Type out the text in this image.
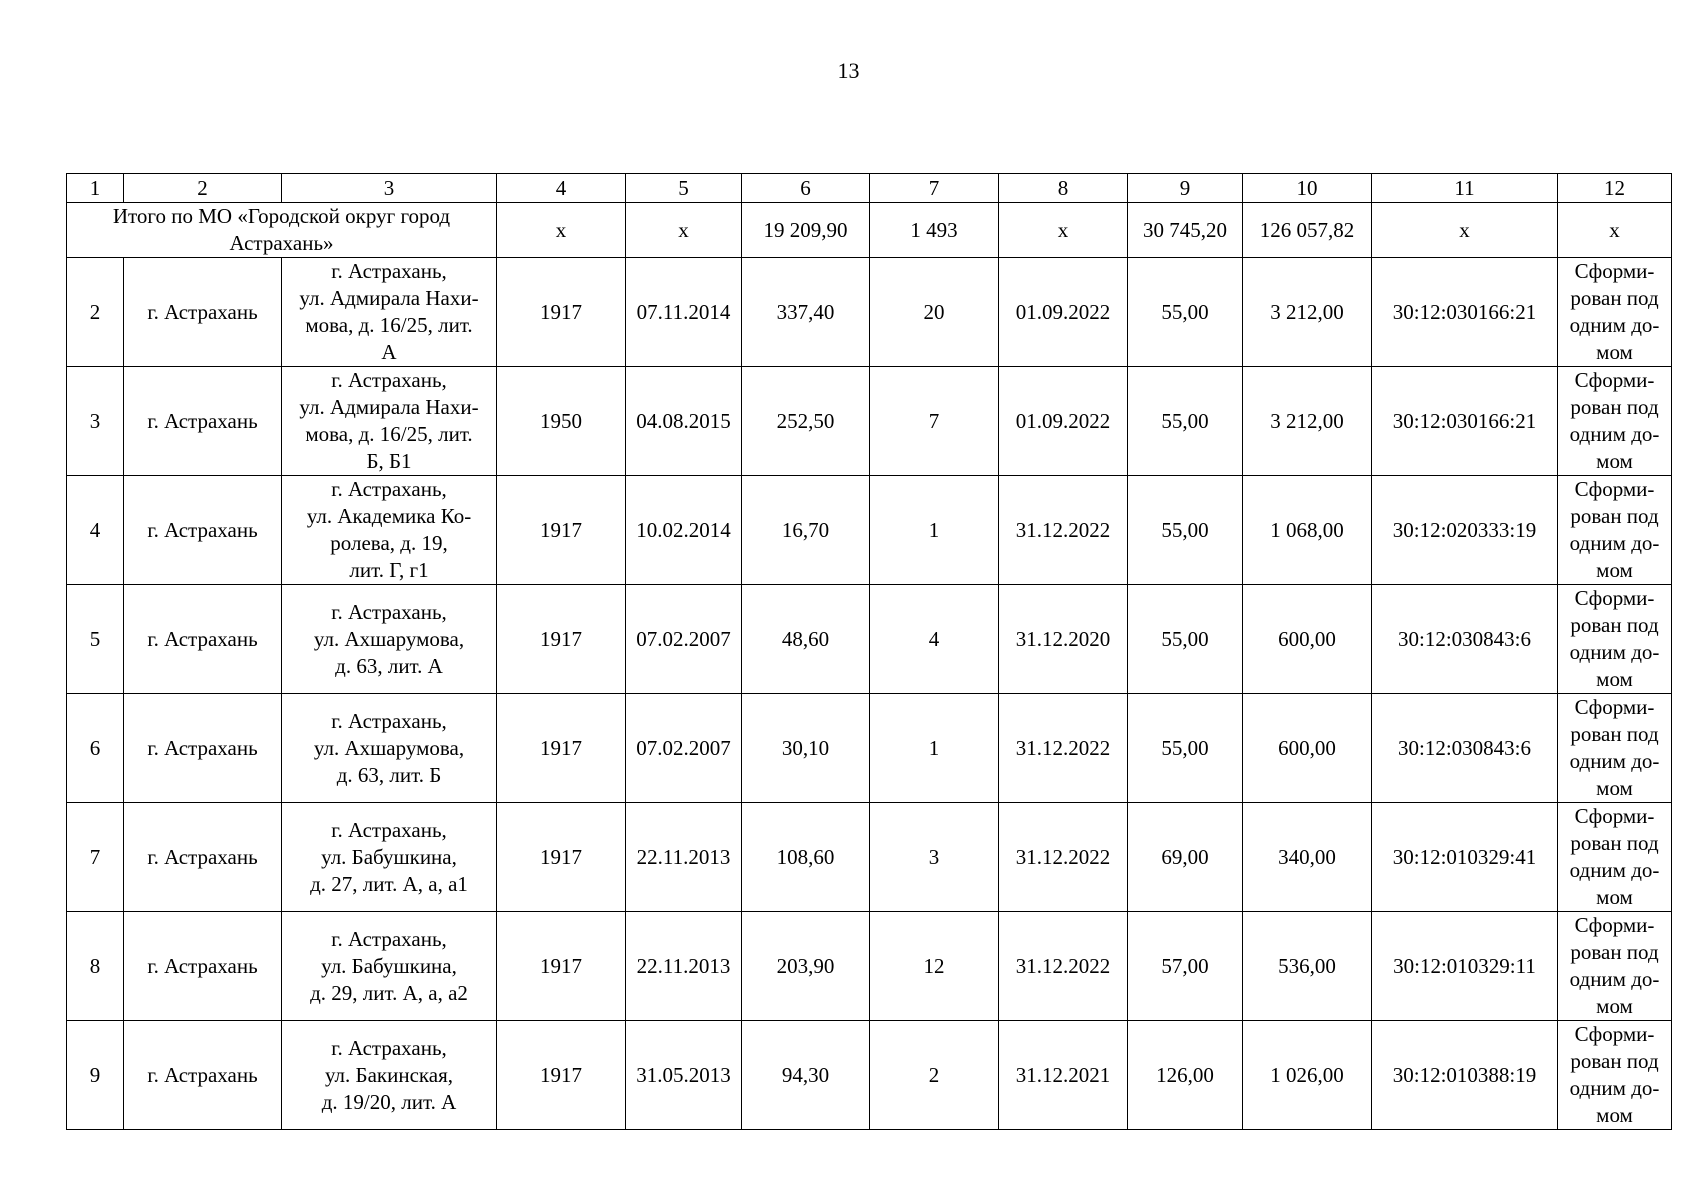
13
1	2	3	4	5	6	7	8	9	10	11	12
Итого по МО «Городской округ город Астрахань»			х	х	19 209,90	1 493	х	30 745,20	126 057,82	х	х
2	г. Астрахань	г. Астрахань,
ул. Адмирала Нахи-
мова, д. 16/25, лит.
А	1917	07.11.2014	337,40	20	01.09.2022	55,00	3 212,00	30:12:030166:21	Сформи-
рован под
одним до-
мом

3	г. Астрахань	г. Астрахань,
ул. Адмирала Нахи-
мова, д. 16/25, лит.
Б, Б1	1950	04.08.2015	252,50	7	01.09.2022	55,00	3 212,00	30:12:030166:21	Сформи-
рован под
одним до-
мом

4	г. Астрахань	г. Астрахань,
ул. Академика Ко-
ролева, д. 19,
лит. Г, г1	1917	10.02.2014	16,70	1	31.12.2022	55,00	1 068,00	30:12:020333:19	Сформи-
рован под
одним до-
мом

5	г. Астрахань	г. Астрахань,
ул. Ахшарумова,
д. 63, лит. А	1917	07.02.2007	48,60	4	31.12.2020	55,00	600,00	30:12:030843:6	Сформи-
рован под
одним до-
мом

6	г. Астрахань	г. Астрахань,
ул. Ахшарумова,
д. 63, лит. Б	1917	07.02.2007	30,10	1	31.12.2022	55,00	600,00	30:12:030843:6	Сформи-
рован под
одним до-
мом

7	г. Астрахань	г. Астрахань,
ул. Бабушкина,
д. 27, лит. А, а, а1	1917	22.11.2013	108,60	3	31.12.2022	69,00	340,00	30:12:010329:41	Сформи-
рован под
одним до-
мом

8	г. Астрахань	г. Астрахань,
ул. Бабушкина,
д. 29, лит. А, а, а2	1917	22.11.2013	203,90	12	31.12.2022	57,00	536,00	30:12:010329:11	Сформи-
рован под
одним до-
мом

9	г. Астрахань	г. Астрахань,
ул. Бакинская,
д. 19/20, лит. А	1917	31.05.2013	94,30	2	31.12.2021	126,00	1 026,00	30:12:010388:19	Сформи-
рован под
одним до-
мом
